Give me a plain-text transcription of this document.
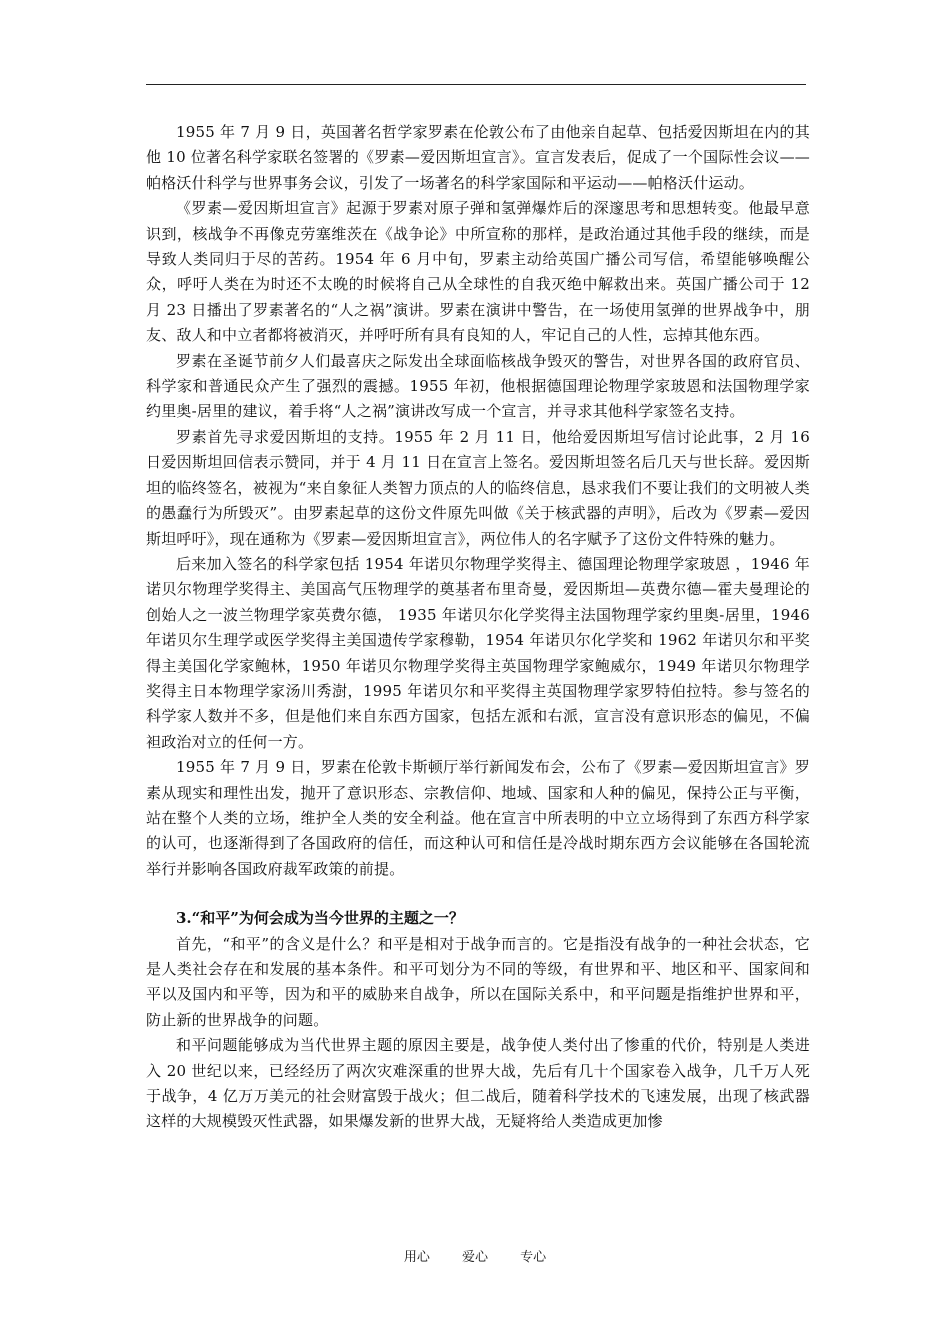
1955 年 7 月 9 日，英国著名哲学家罗素在伦敦公布了由他亲自起草、包括爱因斯坦在内的其他 10 位著名科学家联名签署的《罗素—爱因斯坦宣言》。宣言发表后，促成了一个国际性会议——帕格沃什科学与世界事务会议，引发了一场著名的科学家国际和平运动——帕格沃什运动。

《罗素—爱因斯坦宣言》起源于罗素对原子弹和氢弹爆炸后的深邃思考和思想转变。他最早意识到，核战争不再像克劳塞维茨在《战争论》中所宣称的那样，是政治通过其他手段的继续，而是导致人类同归于尽的苦药。1954 年 6 月中旬，罗素主动给英国广播公司写信，希望能够唤醒公众，呼吁人类在为时还不太晚的时候将自己从全球性的自我灭绝中解救出来。英国广播公司于 12 月 23 日播出了罗素著名的“人之祸”演讲。罗素在演讲中警告，在一场使用氢弹的世界战争中，朋友、敌人和中立者都将被消灭，并呼吁所有具有良知的人，牢记自己的人性，忘掉其他东西。

罗素在圣诞节前夕人们最喜庆之际发出全球面临核战争毁灭的警告，对世界各国的政府官员、科学家和普通民众产生了强烈的震撼。1955 年初，他根据德国理论物理学家玻恩和法国物理学家约里奥-居里的建议，着手将“人之祸”演讲改写成一个宣言，并寻求其他科学家签名支持。

罗素首先寻求爱因斯坦的支持。1955 年 2 月 11 日，他给爱因斯坦写信讨论此事，2 月 16 日爱因斯坦回信表示赞同，并于 4 月 11 日在宣言上签名。爱因斯坦签名后几天与世长辞。爱因斯坦的临终签名，被视为“来自象征人类智力顶点的人的临终信息，恳求我们不要让我们的文明被人类的愚蠢行为所毁灭”。由罗素起草的这份文件原先叫做《关于核武器的声明》，后改为《罗素—爱因斯坦呼吁》，现在通称为《罗素—爱因斯坦宣言》，两位伟人的名字赋予了这份文件特殊的魅力。

后来加入签名的科学家包括 1954 年诺贝尔物理学奖得主、德国理论物理学家玻恩 ，1946 年诺贝尔物理学奖得主、美国高气压物理学的奠基者布里奇曼，爱因斯坦—英费尔德—霍夫曼理论的创始人之一波兰物理学家英费尔德， 1935 年诺贝尔化学奖得主法国物理学家约里奥-居里，1946 年诺贝尔生理学或医学奖得主美国遗传学家穆勒，1954 年诺贝尔化学奖和 1962 年诺贝尔和平奖得主美国化学家鲍林，1950 年诺贝尔物理学奖得主英国物理学家鲍威尔，1949 年诺贝尔物理学奖得主日本物理学家汤川秀澍，1995 年诺贝尔和平奖得主英国物理学家罗特伯拉特。参与签名的科学家人数并不多，但是他们来自东西方国家，包括左派和右派，宣言没有意识形态的偏见，不偏袒政治对立的任何一方。

1955 年 7 月 9 日，罗素在伦敦卡斯顿厅举行新闻发布会，公布了《罗素—爱因斯坦宣言》罗素从现实和理性出发，抛开了意识形态、宗教信仰、地域、国家和人种的偏见，保持公正与平衡，站在整个人类的立场，维护全人类的安全利益。他在宣言中所表明的中立立场得到了东西方科学家的认可，也逐渐得到了各国政府的信任，而这种认可和信任是冷战时期东西方会议能够在各国轮流举行并影响各国政府裁军政策的前提。

3.“和平”为何会成为当今世界的主题之一？

首先，“和平”的含义是什么？和平是相对于战争而言的。它是指没有战争的一种社会状态，它是人类社会存在和发展的基本条件。和平可划分为不同的等级，有世界和平、地区和平、国家间和平以及国内和平等，因为和平的威胁来自战争，所以在国际关系中，和平问题是指维护世界和平，防止新的世界战争的问题。

和平问题能够成为当代世界主题的原因主要是，战争使人类付出了惨重的代价，特别是人类进入 20 世纪以来，已经经历了两次灾难深重的世界大战，先后有几十个国家卷入战争，几千万人死于战争，4 亿万万美元的社会财富毁于战火；但二战后，随着科学技术的飞速发展，出现了核武器这样的大规模毁灭性武器，如果爆发新的世界大战，无疑将给人类造成更加惨

用心 爱心 专心
